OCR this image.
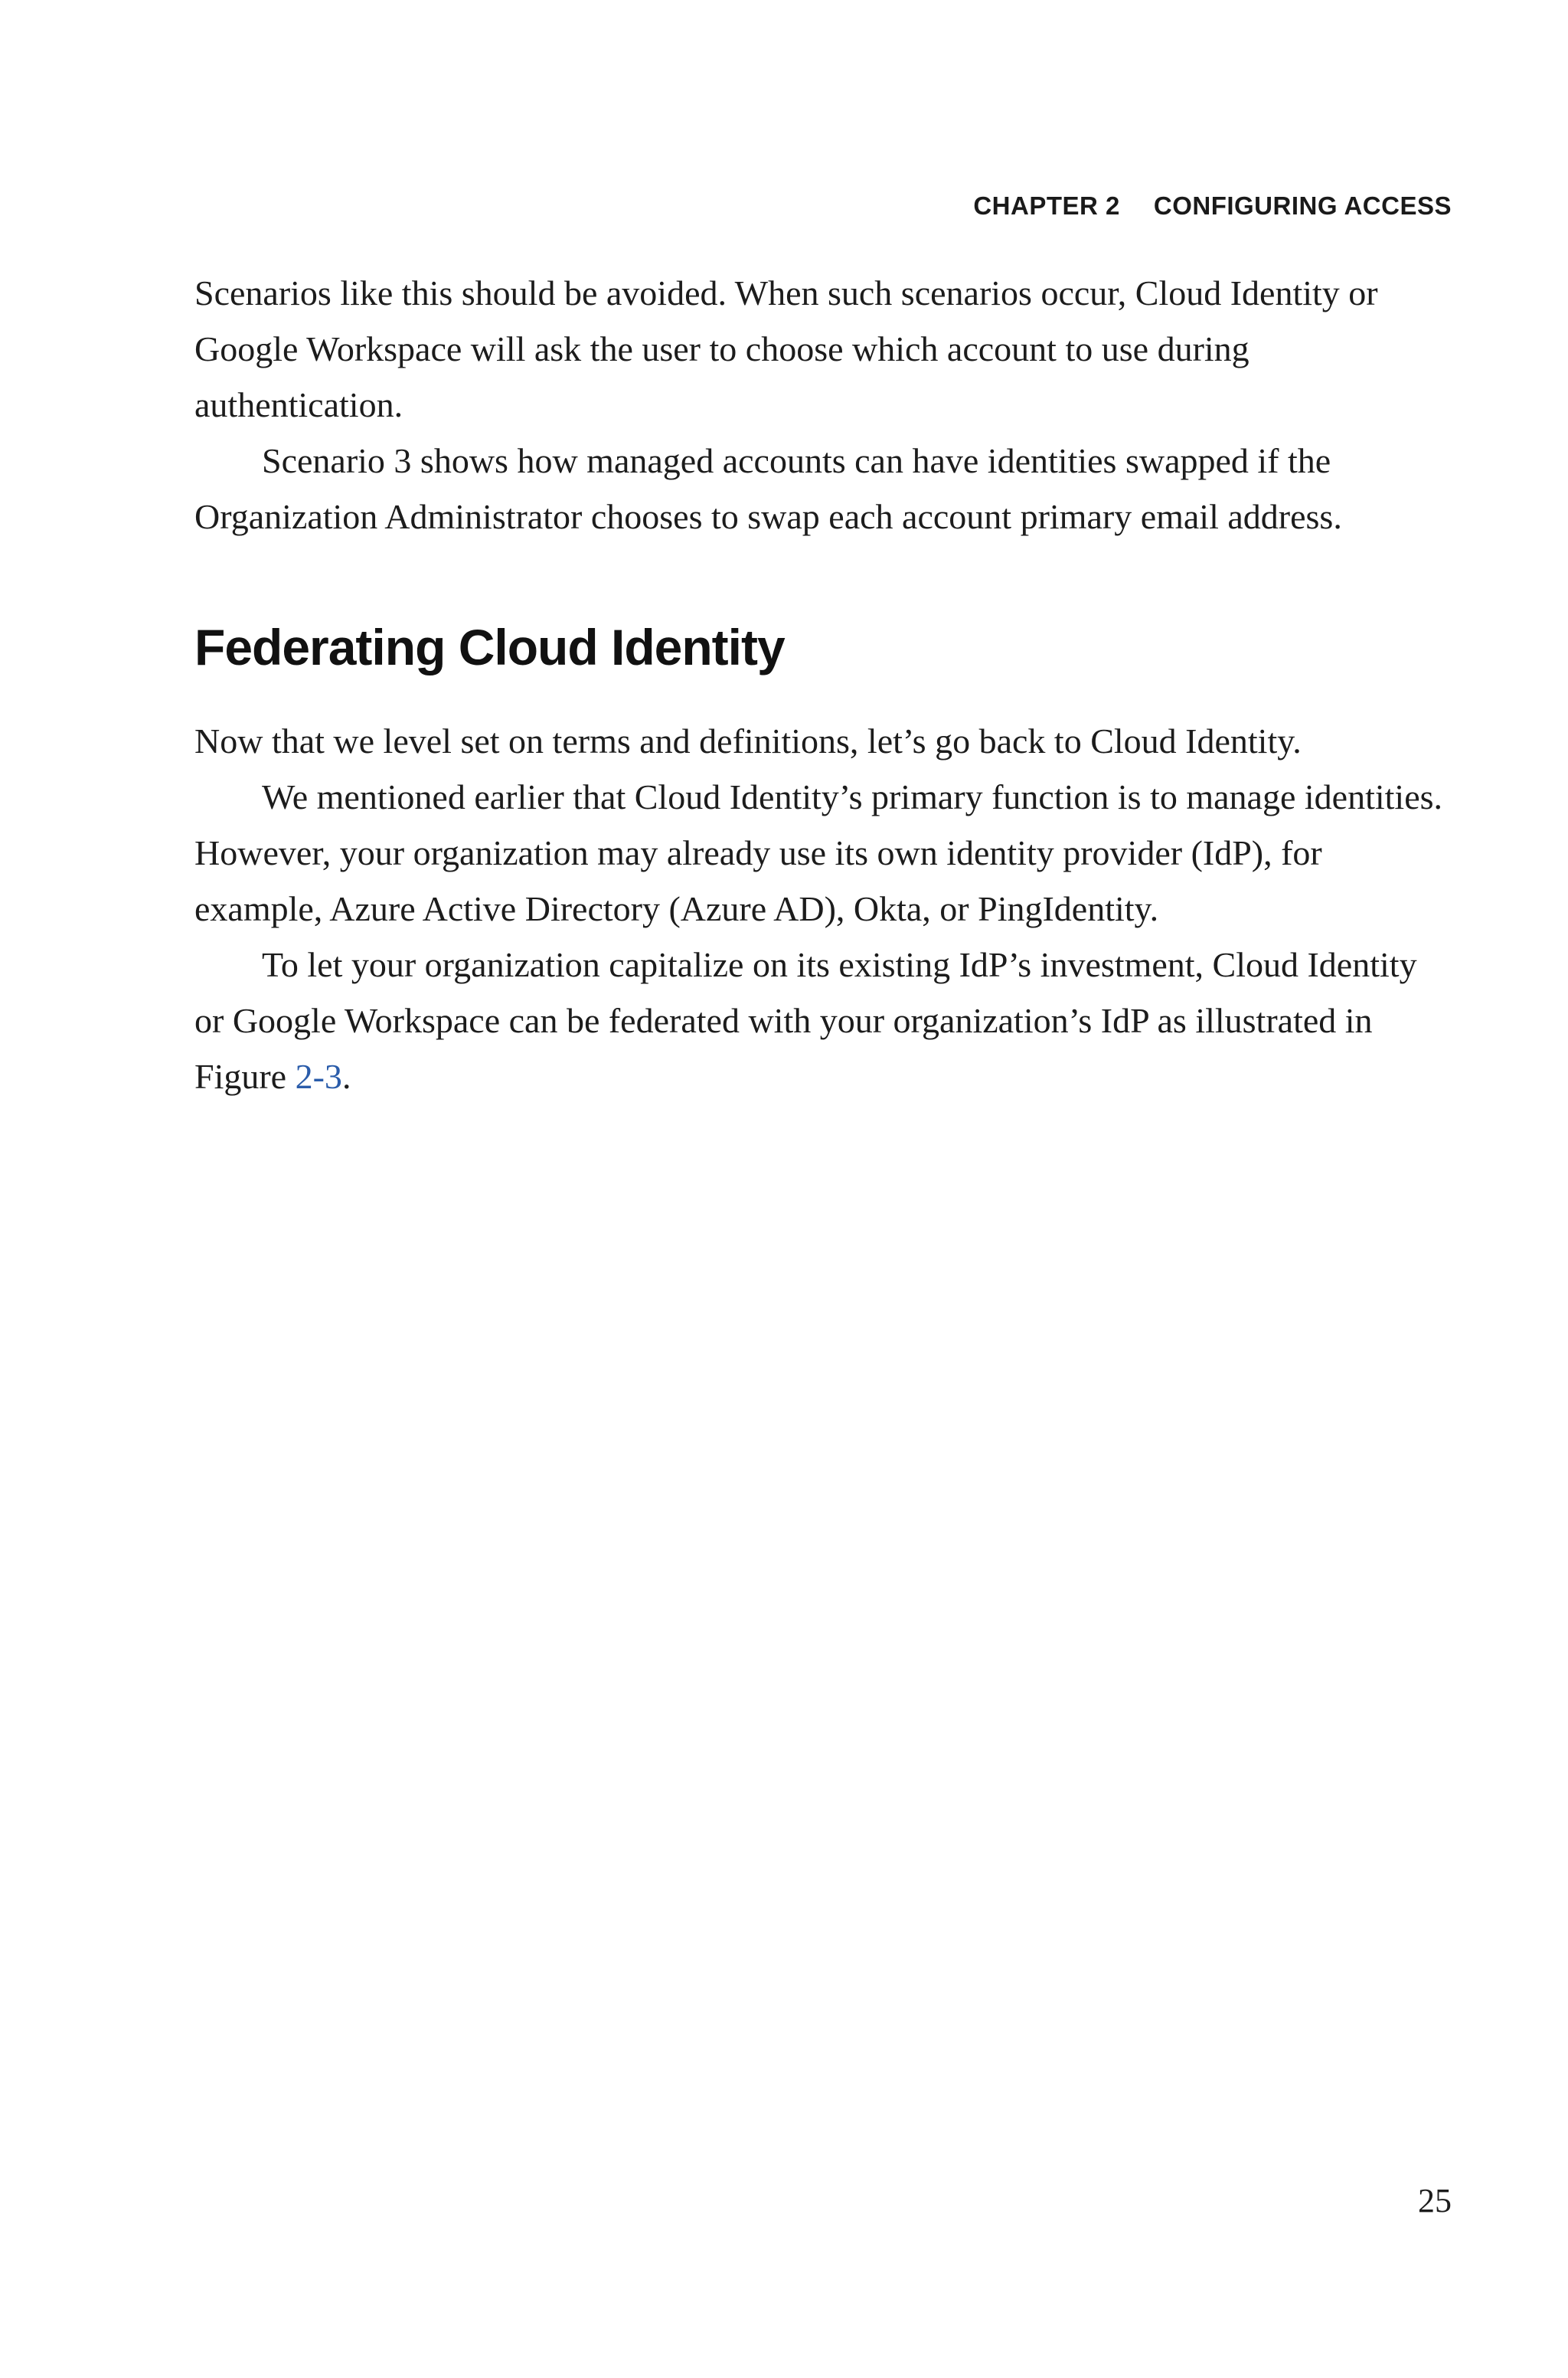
CHAPTER 2 CONFIGURING ACCESS

Scenarios like this should be avoided. When such scenarios occur, Cloud Identity or Google Workspace will ask the user to choose which account to use during authentication.

Scenario 3 shows how managed accounts can have identities swapped if the Organization Administrator chooses to swap each account primary email address.

Federating Cloud Identity

Now that we level set on terms and definitions, let’s go back to Cloud Identity.

We mentioned earlier that Cloud Identity’s primary function is to manage identities. However, your organization may already use its own identity provider (IdP), for example, Azure Active Directory (Azure AD), Okta, or PingIdentity.

To let your organization capitalize on its existing IdP’s investment, Cloud Identity or Google Workspace can be federated with your organization’s IdP as illustrated in Figure 2-3.

25
